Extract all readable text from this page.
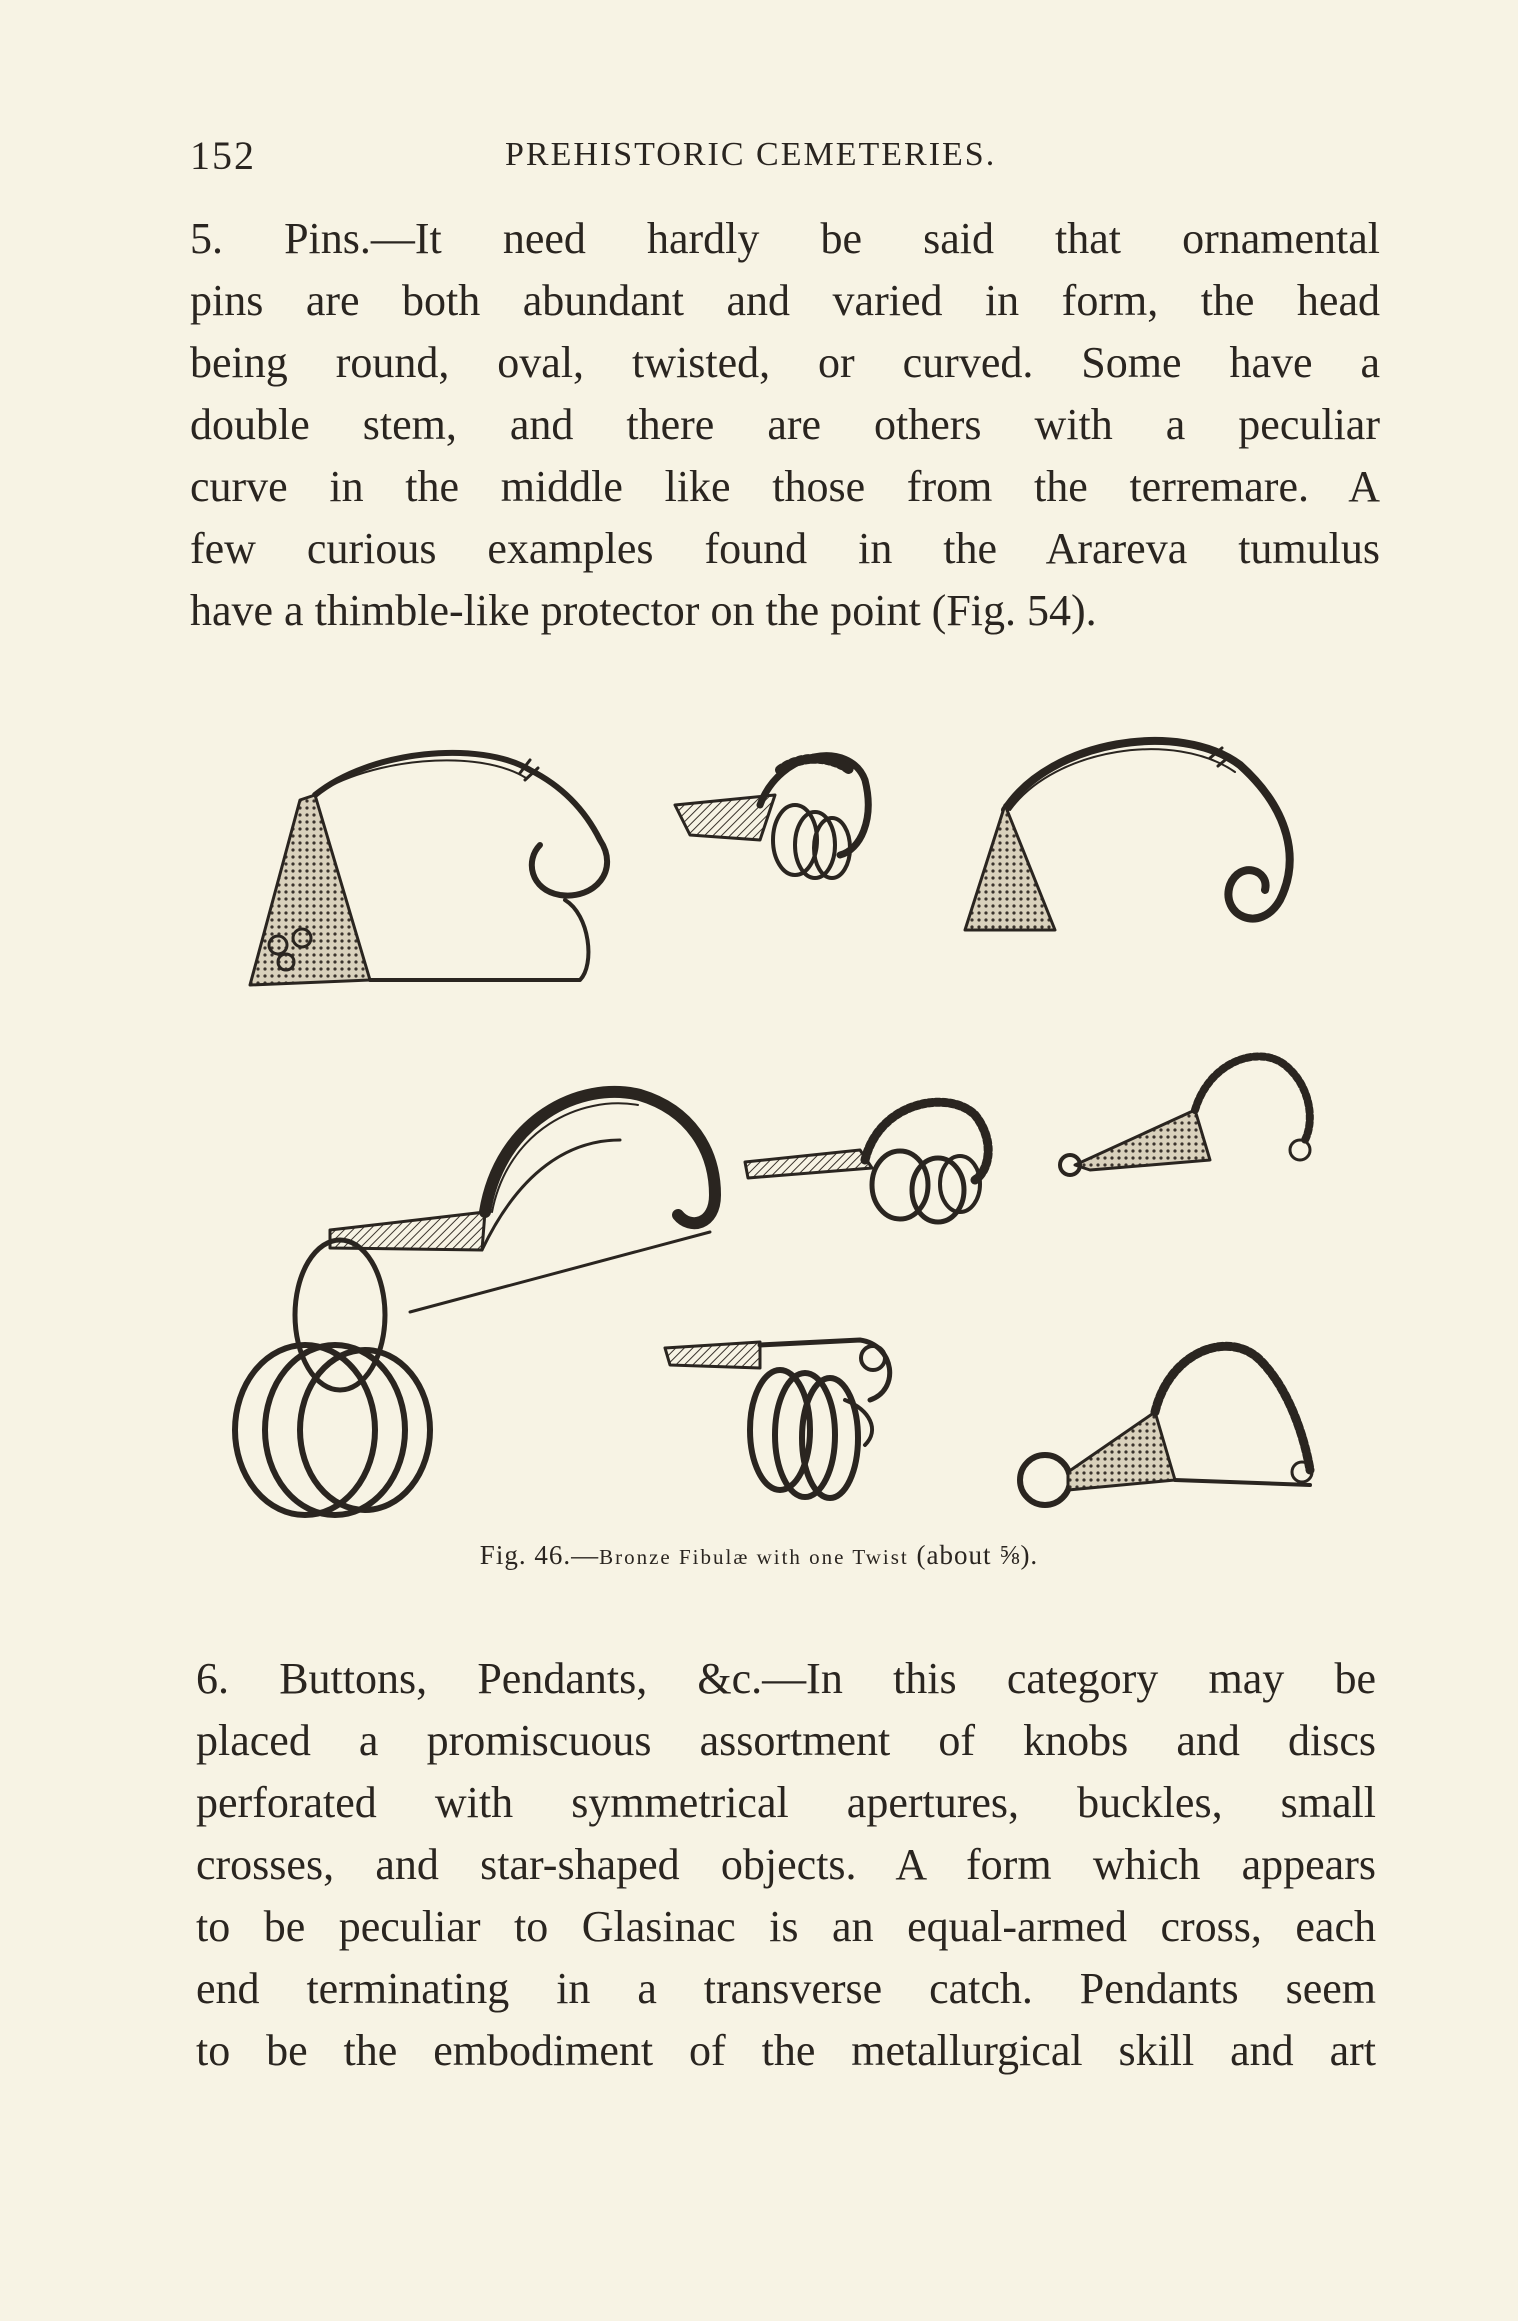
152	PREHISTORIC CEMETERIES.
5. Pins.—It need hardly be said that ornamental
pins are both abundant and varied in form, the head
being round, oval, twisted, or curved. Some have a
double stem, and there are others with a peculiar
curve in the middle like those from the terremare. A
few curious examples found in the Arareva tumulus
have a thimble-like protector on the point (Fig. 54).
Fig. 46.—Bronze Fibulæ with one Twist (about ⅝).
6. Buttons, Pendants, &c.—In this category may be
placed a promiscuous assortment of knobs and discs
perforated with symmetrical apertures, buckles, small
crosses, and star-shaped objects. A form which appears
to be peculiar to Glasinac is an equal-armed cross, each
end terminating in a transverse catch. Pendants seem
to be the embodiment of the metallurgical skill and art
